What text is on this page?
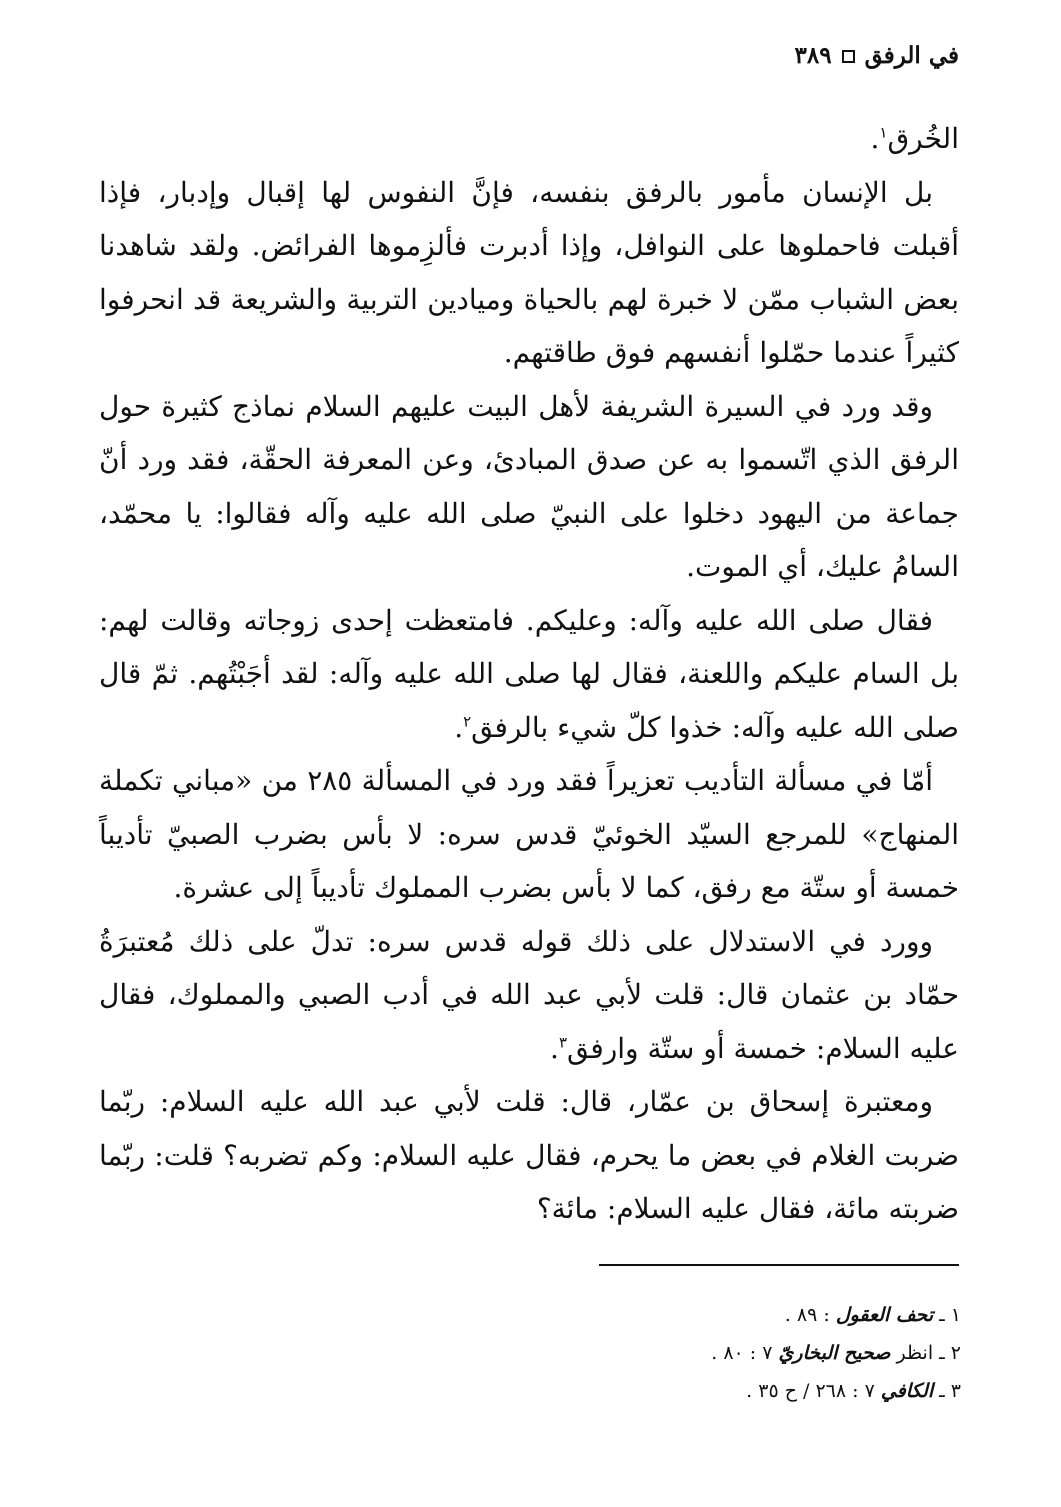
في الرفق
٣٨٩

الخُرق$^١$.

بل الإنسان مأمور بالرفق بنفسه، فإنَّ النفوس لها إقبال وإدبار، فإذا أقبلت فاحملوها على النوافل، وإذا أدبرت فألزِموها الفرائض. ولقد شاهدنا بعض الشباب ممّن لا خبرة لهم بالحياة وميادين التربية والشريعة قد انحرفوا كثيراً عندما حمّلوا أنفسهم فوق طاقتهم.

وقد ورد في السيرة الشريفة لأهل البيت عليهم السلام نماذج كثيرة حول الرفق الذي اتّسموا به عن صدق المبادئ، وعن المعرفة الحقّة، فقد ورد أنّ جماعة من اليهود دخلوا على النبيّ صلى الله عليه وآله فقالوا: يا محمّد، السامُ عليك، أي الموت.

فقال صلى الله عليه وآله: وعليكم. فامتعظت إحدى زوجاته وقالت لهم: بل السام عليكم واللعنة، فقال لها صلى الله عليه وآله: لقد أجَبْتُهم. ثمّ قال صلى الله عليه وآله: خذوا كلّ شيء بالرفق$^٢$.

أمّا في مسألة التأديب تعزيراً فقد ورد في المسألة ٢٨٥ من «مباني تكملة المنهاج» للمرجع السيّد الخوئيّ قدس سره: لا بأس بضرب الصبيّ تأديباً خمسة أو ستّة مع رفق، كما لا بأس بضرب المملوك تأديباً إلى عشرة.

وورد في الاستدلال على ذلك قوله قدس سره: تدلّ على ذلك مُعتبرَةُ حمّاد بن عثمان قال: قلت لأبي عبد الله في أدب الصبي والمملوك، فقال عليه السلام: خمسة أو ستّة وارفق$^٣$.

ومعتبرة إسحاق بن عمّار، قال: قلت لأبي عبد الله عليه السلام: ربّما ضربت الغلام في بعض ما يحرم، فقال عليه السلام: وكم تضربه؟ قلت: ربّما ضربته مائة، فقال عليه السلام: مائة؟

١ ـ تحف العقول : ٨٩ .
٢ ـ انظر صحيح البخاريّ ٧ : ٨٠ .
٣ ـ الكافي ٧ : ٢٦٨ / ح ٣٥ .
